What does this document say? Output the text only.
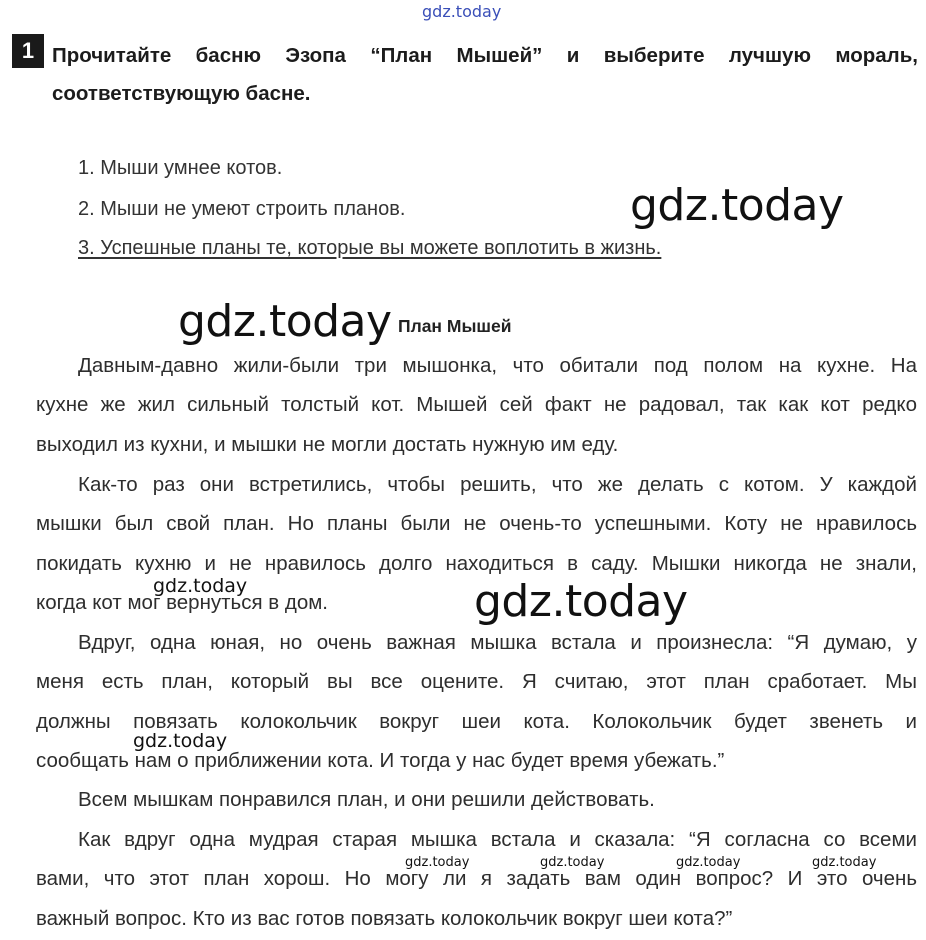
gdz.today
gdz.today
gdz.today
gdz.today
gdz.today
gdz.today
gdz.today	gdz.today	gdz.today	gdz.today
1 Прочитайте басню Эзопа “План Мышей” и выберите лучшую мораль,
соответствующую басне.
1. Мыши умнее котов.
2. Мыши не умеют строить планов.
3. Успешные планы те, которые вы можете воплотить в жизнь.
План Мышей
Давным-давно жили-были три мышонка, что обитали под полом на кухне. На
кухне же жил сильный толстый кот. Мышей сей факт не радовал, так как кот редко
выходил из кухни, и мышки не могли достать нужную им еду.
Как-то раз они встретились, чтобы решить, что же делать с котом. У каждой
мышки был свой план. Но планы были не очень-то успешными. Коту не нравилось
покидать кухню и не нравилось долго находиться в саду. Мышки никогда не знали,
когда кот мог вернуться в дом.
Вдруг, одна юная, но очень важная мышка встала и произнесла: “Я думаю, у
меня есть план, который вы все оцените. Я считаю, этот план сработает. Мы
должны повязать колокольчик вокруг шеи кота. Колокольчик будет звенеть и
сообщать нам о приближении кота. И тогда у нас будет время убежать.”
Всем мышкам понравился план, и они решили действовать.
Как вдруг одна мудрая старая мышка встала и сказала: “Я согласна со всеми
вами, что этот план хорош. Но могу ли я задать вам один вопрос? И это очень
важный вопрос. Кто из вас готов повязать колокольчик вокруг шеи кота?”
